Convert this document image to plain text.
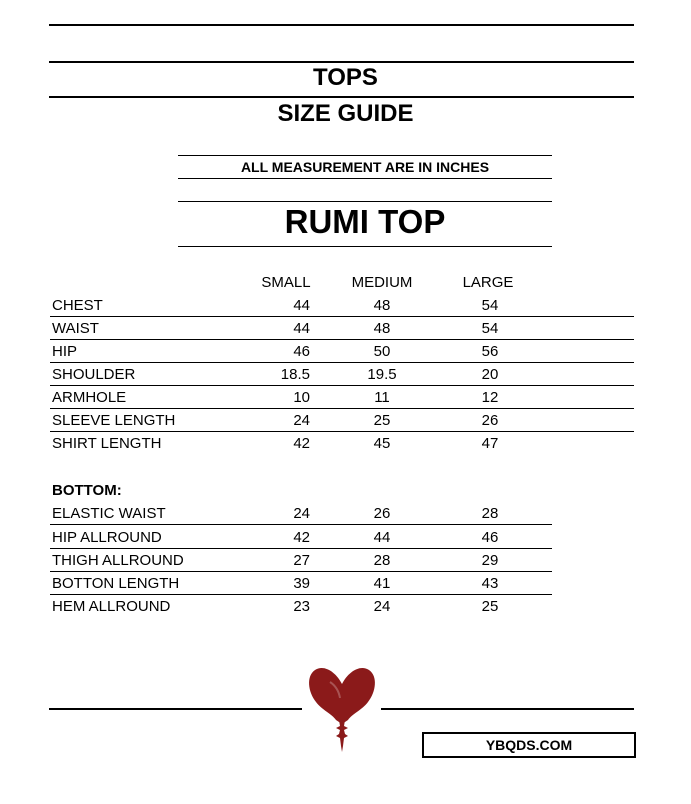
TOPS
SIZE GUIDE
ALL MEASUREMENT ARE IN INCHES
RUMI TOP
SMALL	MEDIUM	LARGE
CHEST	44	48	54
WAIST	44	48	54
HIP	46	50	56
SHOULDER	18.5	19.5	20
ARMHOLE	10	11	12
SLEEVE LENGTH	24	25	26
SHIRT LENGTH	42	45	47
BOTTOM:
ELASTIC WAIST	24	26	28
HIP ALLROUND	42	44	46
THIGH ALLROUND	27	28	29
BOTTON LENGTH	39	41	43
HEM ALLROUND	23	24	25
YBQDS.COM
